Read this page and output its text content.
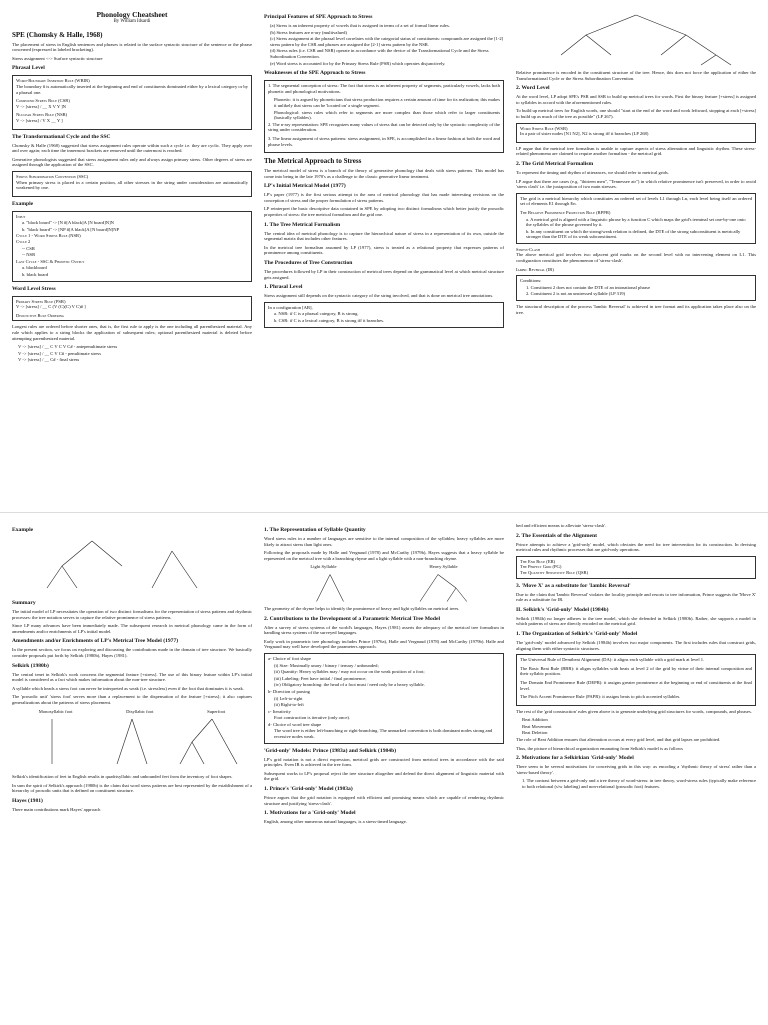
Phonology Cheatsheet
By William Idsardi
SPE (Chomsky & Halle, 1968)

The placement of stress in English sentences and phrases is related to the surface syntactic structure of the sentence or the phrase concerned (expressed in labeled bracketing).

Stress assignment <-> Surface syntactic structure

Phrasal Level
Word-Boundary Insertion Rule (WBIR)

The boundary # is automatically inserted at the beginning and end of constituents dominated either by a lexical category or by a phrasal one.

Compound Stress Rule (CSR)

V -> [stress] / __ X V Y ]N

Nuclear Stress Rule (NSR)

V -> [stress] / V X __ Y ]

The Transformational Cycle and the SSC

Chomsky & Halle (1968) suggested that stress assignment rules operate within such a cycle i.e. they are cyclic. They apply over and over again; each time the innermost brackets are removed until the outermost is reached.

Generative phonologists suggested that stress assignment rules only and always assign primary stress. Other degrees of stress are assigned through the application of the SSC.

Stress Subordination Convention (SSC)

When primary stress is placed in a certain position, all other stresses in the string under consideration are automatically weakened by one.

Example
Input
a. "black board" -> [N #[A black]A [N board]N]N
b. "black board" -> [NP #[A black]A [N board]N]NP
Cycle 1 - Word Stress Rule (NSR)
Cycle 2
-- CSR
-- NSR
Last Cycle - SSC & Phonetic Output
a. blackboard
b. black board
Word Level Stress
Primary Stress Rule (PSR)

V -> [stress] / __ C (V (C)(C) V C)# ]

Disjunctive Rule Ordering

Longest rules are ordered before shorter ones, that is, the first rule to apply is the one including all parenthesized material. Any rule which applies to a string blocks the application of subsequent rules; optional parenthesized material is deleted before attempting parenthesized material.

V -> [stress] / __ C V C V C# - antepenultimate stress
V -> [stress] / __ C V C# - penultimate stress
V -> [stress] / __ C# - final stress
Principal Features of SPE Approach to Stress
(a) Stress is an inherent property of vowels that is assigned in terms of a set of formal linear rules.
(b) Stress features are n-ary (multivalued)
(c) Stress assignment at the phrasal level correlates with the categorial status of constituents: compounds are assigned the [1-2] stress pattern by the CSR and phrases are assigned the [2-1] stress pattern by the NSR.
(d) Stress rules (i.e. CSR and NSR) operate in accordance with the device of the Transformational Cycle and the Stress Subordination Convention.
(e) Word stress is accounted for by the Primary Stress Rule (PSR) which operates disjunctively.
Weaknesses of the SPE Approach to Stress

1. The segmental conception of stress: The fact that stress is an inherent property of segments, particularly vowels, lacks both phonetic and phonological motivations.

Phonetic: it is argued by phoneticians that stress production requires a certain amount of time for its realization; this makes it unlikely that stress can be 'located on' a single segment.

Phonological: stress rules which refer to segments are more complex than those which refer to larger constituents (basically syllables).

2. The n-ary representation: SPE recognizes many values of stress that can be detected only by the syntactic complexity of the string under consideration.

3. The linear assignment of stress patterns: stress assignment, in SPE, is accomplished in a linear fashion at both the word and phrase levels.

The Metrical Approach to Stress

The metrical model of stress is a branch of the theory of generative phonology that deals with stress patterns. This model has come into being in the late 1970's as a challenge to the classic generative linear treatment.

LP's Initial Metrical Model (1977)

LP's paper (1977) is the first serious attempt in the area of metrical phonology that has made interesting revisions on the conception of stress and the proper formulation of stress patterns.

LP reinterpret the basic descriptive data contained in SPE by adopting two distinct formalisms which better justify the prosodic properties of stress: the tree metrical formalism and the grid one.

1. The Tree Metrical Formalism

The central idea of metrical phonology is to capture the hierarchical nature of stress in a representation of its own, outside the segmental matrix that includes other features.

In the metrical tree formalism assumed by LP (1977), stress is treated as a relational property that expresses patterns of prominence among constituents.

The Procedures of Tree Construction

The procedures followed by LP in their construction of metrical trees depend on the grammatical level at which metrical structure gets assigned.

1. Phrasal Level

Stress assignment still depends on the syntactic category of the string involved, and that is done on metrical tree annotations.

In a configuration [AB],
a. NSR: if C is a phrasal category, B is strong.
b. CSR: if C is a lexical category, B is strong iff it branches.

Relative prominence is encoded in the constituent structure of the tree. Hence, this does not force the application of either the Transformational Cycle or the Stress Subordination Convention.

2. Word Level

At the word level, LP adopt SPE's PSR and SSR to build up metrical trees for words. First the binary feature [+stress] is assigned to syllables in accord with the aforementioned rules.

To build up metrical trees for English words, one should "start at the end of the word and work leftward, stopping at each [+stress] to build up as much of the tree as possible" (LP 267).

Word Stress Rule (WSR)

In a pair of sister nodes [N1 N2], N2 is strong iff it branches (LP 268)

LP argue that the metrical tree formalism is unable to capture aspects of stress alternation and linguistic rhythm. These stress-related phenomena are claimed to require another formalism - the metrical grid.

2. The Grid Metrical Formalism

To represent the timing and rhythm of utterances, we should refer to metrical grids.

LP argue that there are cases (e.g. "thirteen men", "Tennessee air") in which relative prominence isn't preserved, in order to avoid 'stress clash' i.e. the juxtaposition of two main stresses.

The grid is a metrical hierarchy which constitutes an ordered set of levels L1 through Ln, each level being itself an ordered set of elements E1 through En.

The Relative Prominence Projection Rule (RPPR)
a. A metrical grid is aligned with a linguistic phrase by a function C which maps the grid's terminal set one-by-one onto the syllables of the phrase governed by it.
b. In any constituent on which the strong/weak relation is defined, the DTE of the strong subconstituent is metrically stronger than the DTE of its weak subconstituent.
Stress-Clash

The above metrical grid involves two adjacent grid marks on the second level with no intervening element on L1. This configuration constitutes the phenomenon of 'stress-clash'.

Iambic Reversal (IR)
Conditions:
1. Constituent 2 does not contain the DTE of an intonational phrase
2. Constituent 2 is not an unstressed syllable (LP 319)

The structural description of the process 'Iambic Reversal' is achieved in tree format and its application takes place also on the tree.

Example
Summary

The initial model of LP necessitates the operation of two distinct formalisms for the representation of stress patterns and rhythmic processes: the tree notation serves to capture the relative prominence of stress patterns.

Since LP many advances have been immediately made. The subsequent research in metrical phonology came in the form of amendments and/or enrichments of LP's initial model.

Amendments and/or Enrichments of LP's Metrical Tree Model (1977)

In the present section, we focus on exploring and discussing the contributions made in the domain of tree structure. We basically consider proposals put forth by Selkirk (1980b), Hayes (1981).

Selkirk (1980b)

The central tenet in Selkirk's work concerns the segmental feature [+stress]. The use of this binary feature within LP's initial model is considered as a fact which makes information about the non-tree structure.

A syllable which heads a stress foot can never be interpreted as weak (i.e. stressless) even if the foot that dominates it is weak.

The 'prosodic unit' 'stress foot' serves more than a replacement to the dispensation of the feature [+stress]; it also captures generalizations about the patterns of stress placement.

Monosyllabic foot	Disyllabic foot	Superfoot

Selkirk's identification of feet in English results in quadrisyllabic and unbounded feet from the inventory of foot shapes.

In sum the spirit of Selkirk's approach (1980b) is the claim that word stress patterns are best represented by the establishment of a hierarchy of prosodic units that is defined on constituent structure.

Hayes (1981)

There main contributions mark Hayes' approach

1. The Representation of Syllable Quantity

Word stress rules in a number of languages are sensitive to the internal composition of the syllables; heavy syllables are more likely to attract stress than light ones.

Following the proposals made by Halle and Vergnaud (1978) and McCarthy (1979b), Hayes suggests that a heavy syllable be represented on the metrical tree with a branching rhyme and a light syllable with a non-branching rhyme.

Light Syllable	Heavy Syllable

The geometry of the rhyme helps to identify the prominence of heavy and light syllables on metrical trees.

2. Contributions to the Development of a Parametric Metrical Tree Model

After a survey of stress systems of the world's languages, Hayes (1981) asserts the adequacy of the metrical tree formalism in handling stress systems of the surveyed languages.

Early work in parametric tree phonology includes Prince (1976a), Halle and Vergnaud (1978) and McCarthy (1979b). Halle and Vergnaud may well have developed the parameters approach.

a- Choice of foot shape
(i) Size: Maximally unary / binary / ternary / unbounded;
(ii) Quantity: Heavy syllables may / may not occur on the weak position of a foot;
(iii) Labeling: Feet have initial / final prominence;
(iv) Obligatory branching: the head of a foot must / need only be a heavy syllable.
b- Direction of parsing
(i) Left-to-right
(ii) Right-to-left
c- Iterativity
Foot construction is iterative (only once).
d- Choice of word tree shape
The word tree is either left-branching or right-branching. The unmarked convention is both dominant nodes strong and recessive nodes weak.
'Grid-only' Models: Prince (1983a) and Selkirk (1984b)

LP's grid notation is not a direct expression, metrical grids are constructed from metrical trees in accordance with the said principles. Even IR is achieved in the tree form.

Subsequent works to LP's proposal reject the tree structure altogether and defend the direct alignment of linguistic material with the grid.

1. Prince's 'Grid-only' Model (1983a)

Prince argues that the grid notation is equipped with efficient and promising means which are capable of rendering rhythmic structure and justifying 'stress-clash'.

1. Motivations for a 'Grid-only' Model

English, among other numerous natural languages, is a stress-timed language.

bed and efficient means to alleviate 'stress-clash'.

2. The Essentials of the Alignment

Prince attempts to achieve a 'grid-only' model, which obviates the need for tree intervention for its construction. In devising metrical rules and rhythmic processes that are grid-only operations.

The End Rule (ER)
The Perfect Grid (PG)
The Quantity Sensitivity Rule (QSR)
3. 'Move X' as a substitute for 'Iambic Reversal'

Due to the claim that 'Iambic Reversal' violates the locality principle and resorts to tree information, Prince suggests the 'Move X' rule as a substitute for IR.

II. Selkirk's 'Grid-only' Model (1984b)

Selkirk (1984b) no longer adheres to the tree model, which she defended in Selkirk (1980b). Rather, she supports a model in which patterns of stress are directly encoded on the metrical grid.

1. The Organization of Selkirk's 'Grid-only' Model

The 'grid-only' model advanced by Selkirk (1984b) involves two major components. The first includes rules that construct grids, aligning them with either syntactic structures.

The Universal Rule of Demibeat Alignment (DA): it aligns each syllable with a grid mark at level 1.

The Basic Beat Rule (BBR): it aligns syllables with beats at level 2 of the grid by virtue of their internal composition and their syllabic position.

The Domain End Prominence Rule (DEPR): it assigns greater prominence at the beginning or end of constituents at the final level.

The Pitch Accent Prominence Rule (PAPR): it assigns beats to pitch accented syllables.

The rest of the 'grid construction' rules given above is to generate underlying grid structures for words, compounds, and phrases.

Beat Addition
Beat Movement
Beat Deletion

The role of Beat Addition ensures that alternation occurs at every grid level, and that grid lapses are prohibited.

Thus, the picture of hierarchical organization emanating from Selkirk's model is as follows

2. Motivations for a Selkirkian 'Grid-only' Model

There seem to be several motivations for conceiving grids in this way: as encoding a 'rhythmic theory of stress' rather than a 'stress-based theory'.

1. The contrast between a grid-only and a tree theory of word-stress: in tree theory, word-stress rules (typically make reference to both relational (s/w labeling) and non-relational (prosodic foot) features.
